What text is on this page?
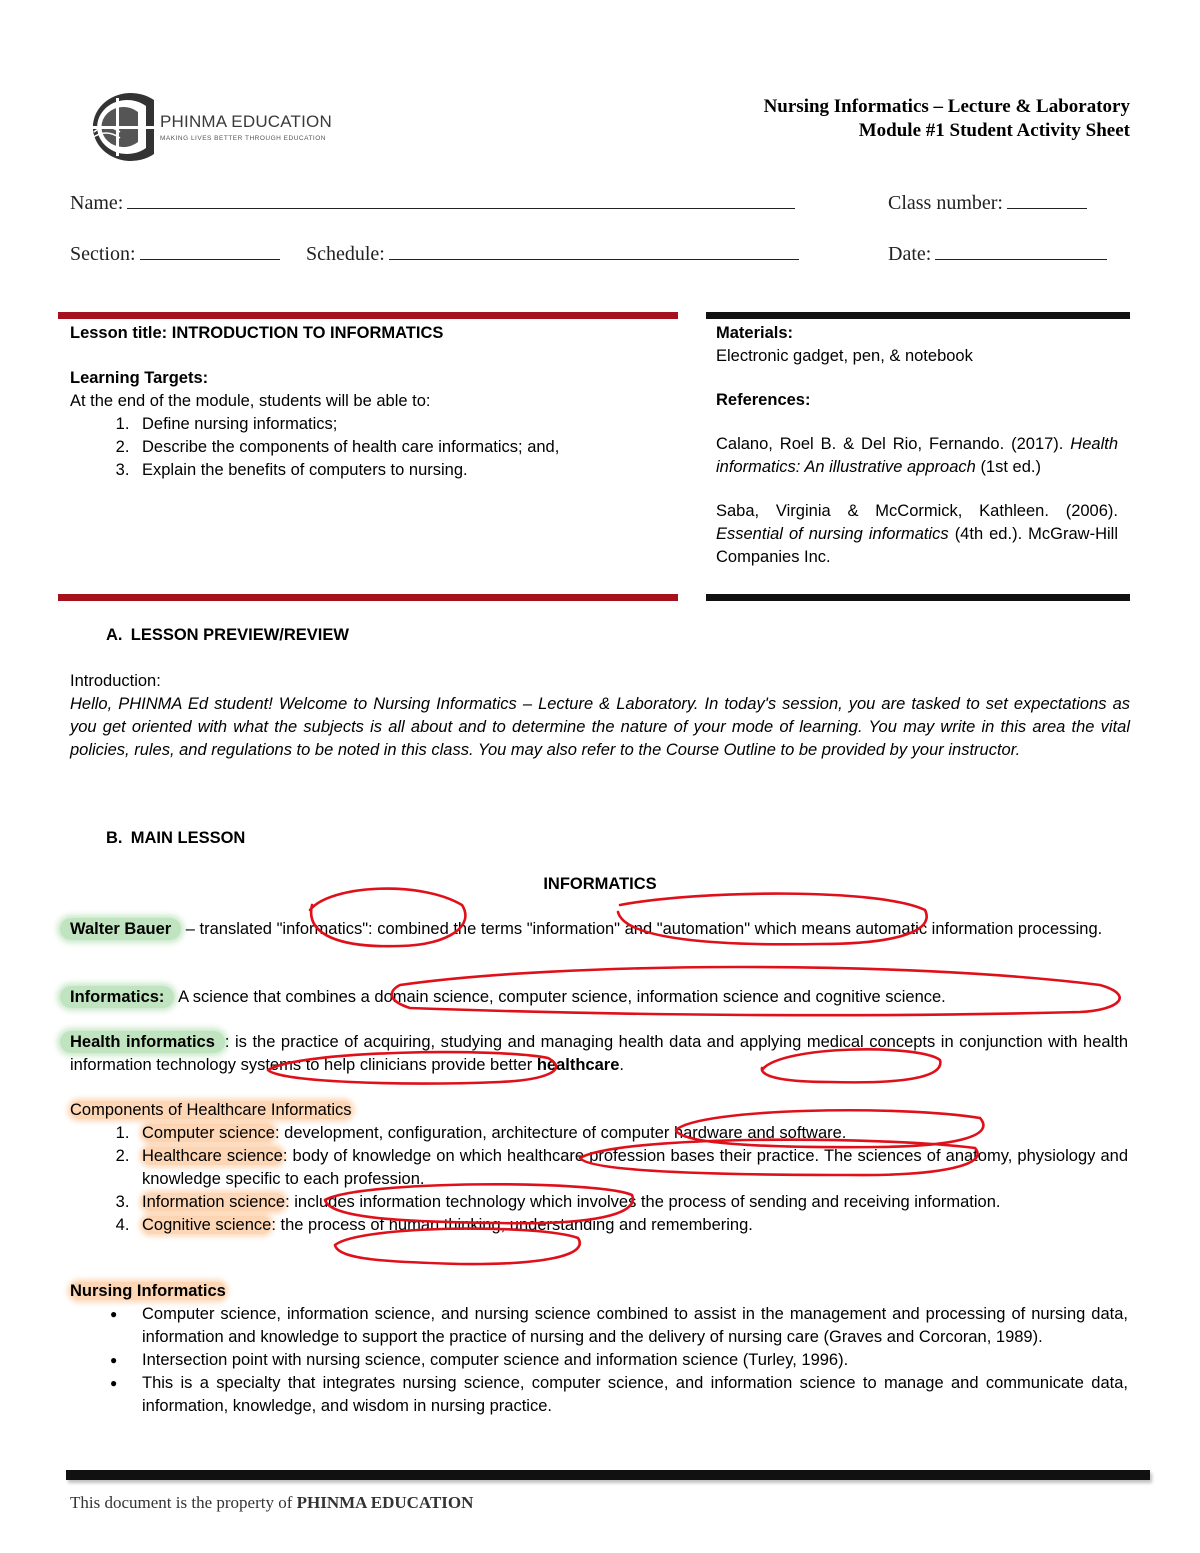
PHINMA EDUCATION
MAKING LIVES BETTER THROUGH EDUCATION
Nursing Informatics – Lecture & Laboratory
Module #1 Student Activity Sheet
Name:	Class number:
Section:	Schedule:	Date:
Lesson title: INTRODUCTION TO INFORMATICS
Learning Targets:
At the end of the module, students will be able to:
1. Define nursing informatics;
2. Describe the components of health care informatics; and,
3. Explain the benefits of computers to nursing.
Materials:
Electronic gadget, pen, & notebook
References:
Calano, Roel B. & Del Rio, Fernando. (2017). Health informatics: An illustrative approach (1st ed.)
Saba, Virginia & McCormick, Kathleen. (2006). Essential of nursing informatics (4th ed.). McGraw-Hill Companies Inc.
A. LESSON PREVIEW/REVIEW
Introduction:
Hello, PHINMA Ed student! Welcome to Nursing Informatics – Lecture & Laboratory. In today's session, you are tasked to set expectations as you get oriented with what the subjects is all about and to determine the nature of your mode of learning. You may write in this area the vital policies, rules, and regulations to be noted in this class. You may also refer to the Course Outline to be provided by your instructor.
B. MAIN LESSON
INFORMATICS
Walter Bauer – translated "informatics": combined the terms "information" and "automation" which means automatic information processing.
Informatics: A science that combines a domain science, computer science, information science and cognitive science.
Health informatics : is the practice of acquiring, studying and managing health data and applying medical concepts in conjunction with health information technology systems to help clinicians provide better healthcare.
Components of Healthcare Informatics
1. Computer science: development, configuration, architecture of computer hardware and software.
2. Healthcare science: body of knowledge on which healthcare profession bases their practice. The sciences of anatomy, physiology and knowledge specific to each profession.
3. Information science: includes information technology which involves the process of sending and receiving information.
4. Cognitive science: the process of human thinking, understanding and remembering.
Nursing Informatics
● Computer science, information science, and nursing science combined to assist in the management and processing of nursing data, information and knowledge to support the practice of nursing and the delivery of nursing care (Graves and Corcoran, 1989).
● Intersection point with nursing science, computer science and information science (Turley, 1996).
● This is a specialty that integrates nursing science, computer science, and information science to manage and communicate data, information, knowledge, and wisdom in nursing practice.
This document is the property of PHINMA EDUCATION
